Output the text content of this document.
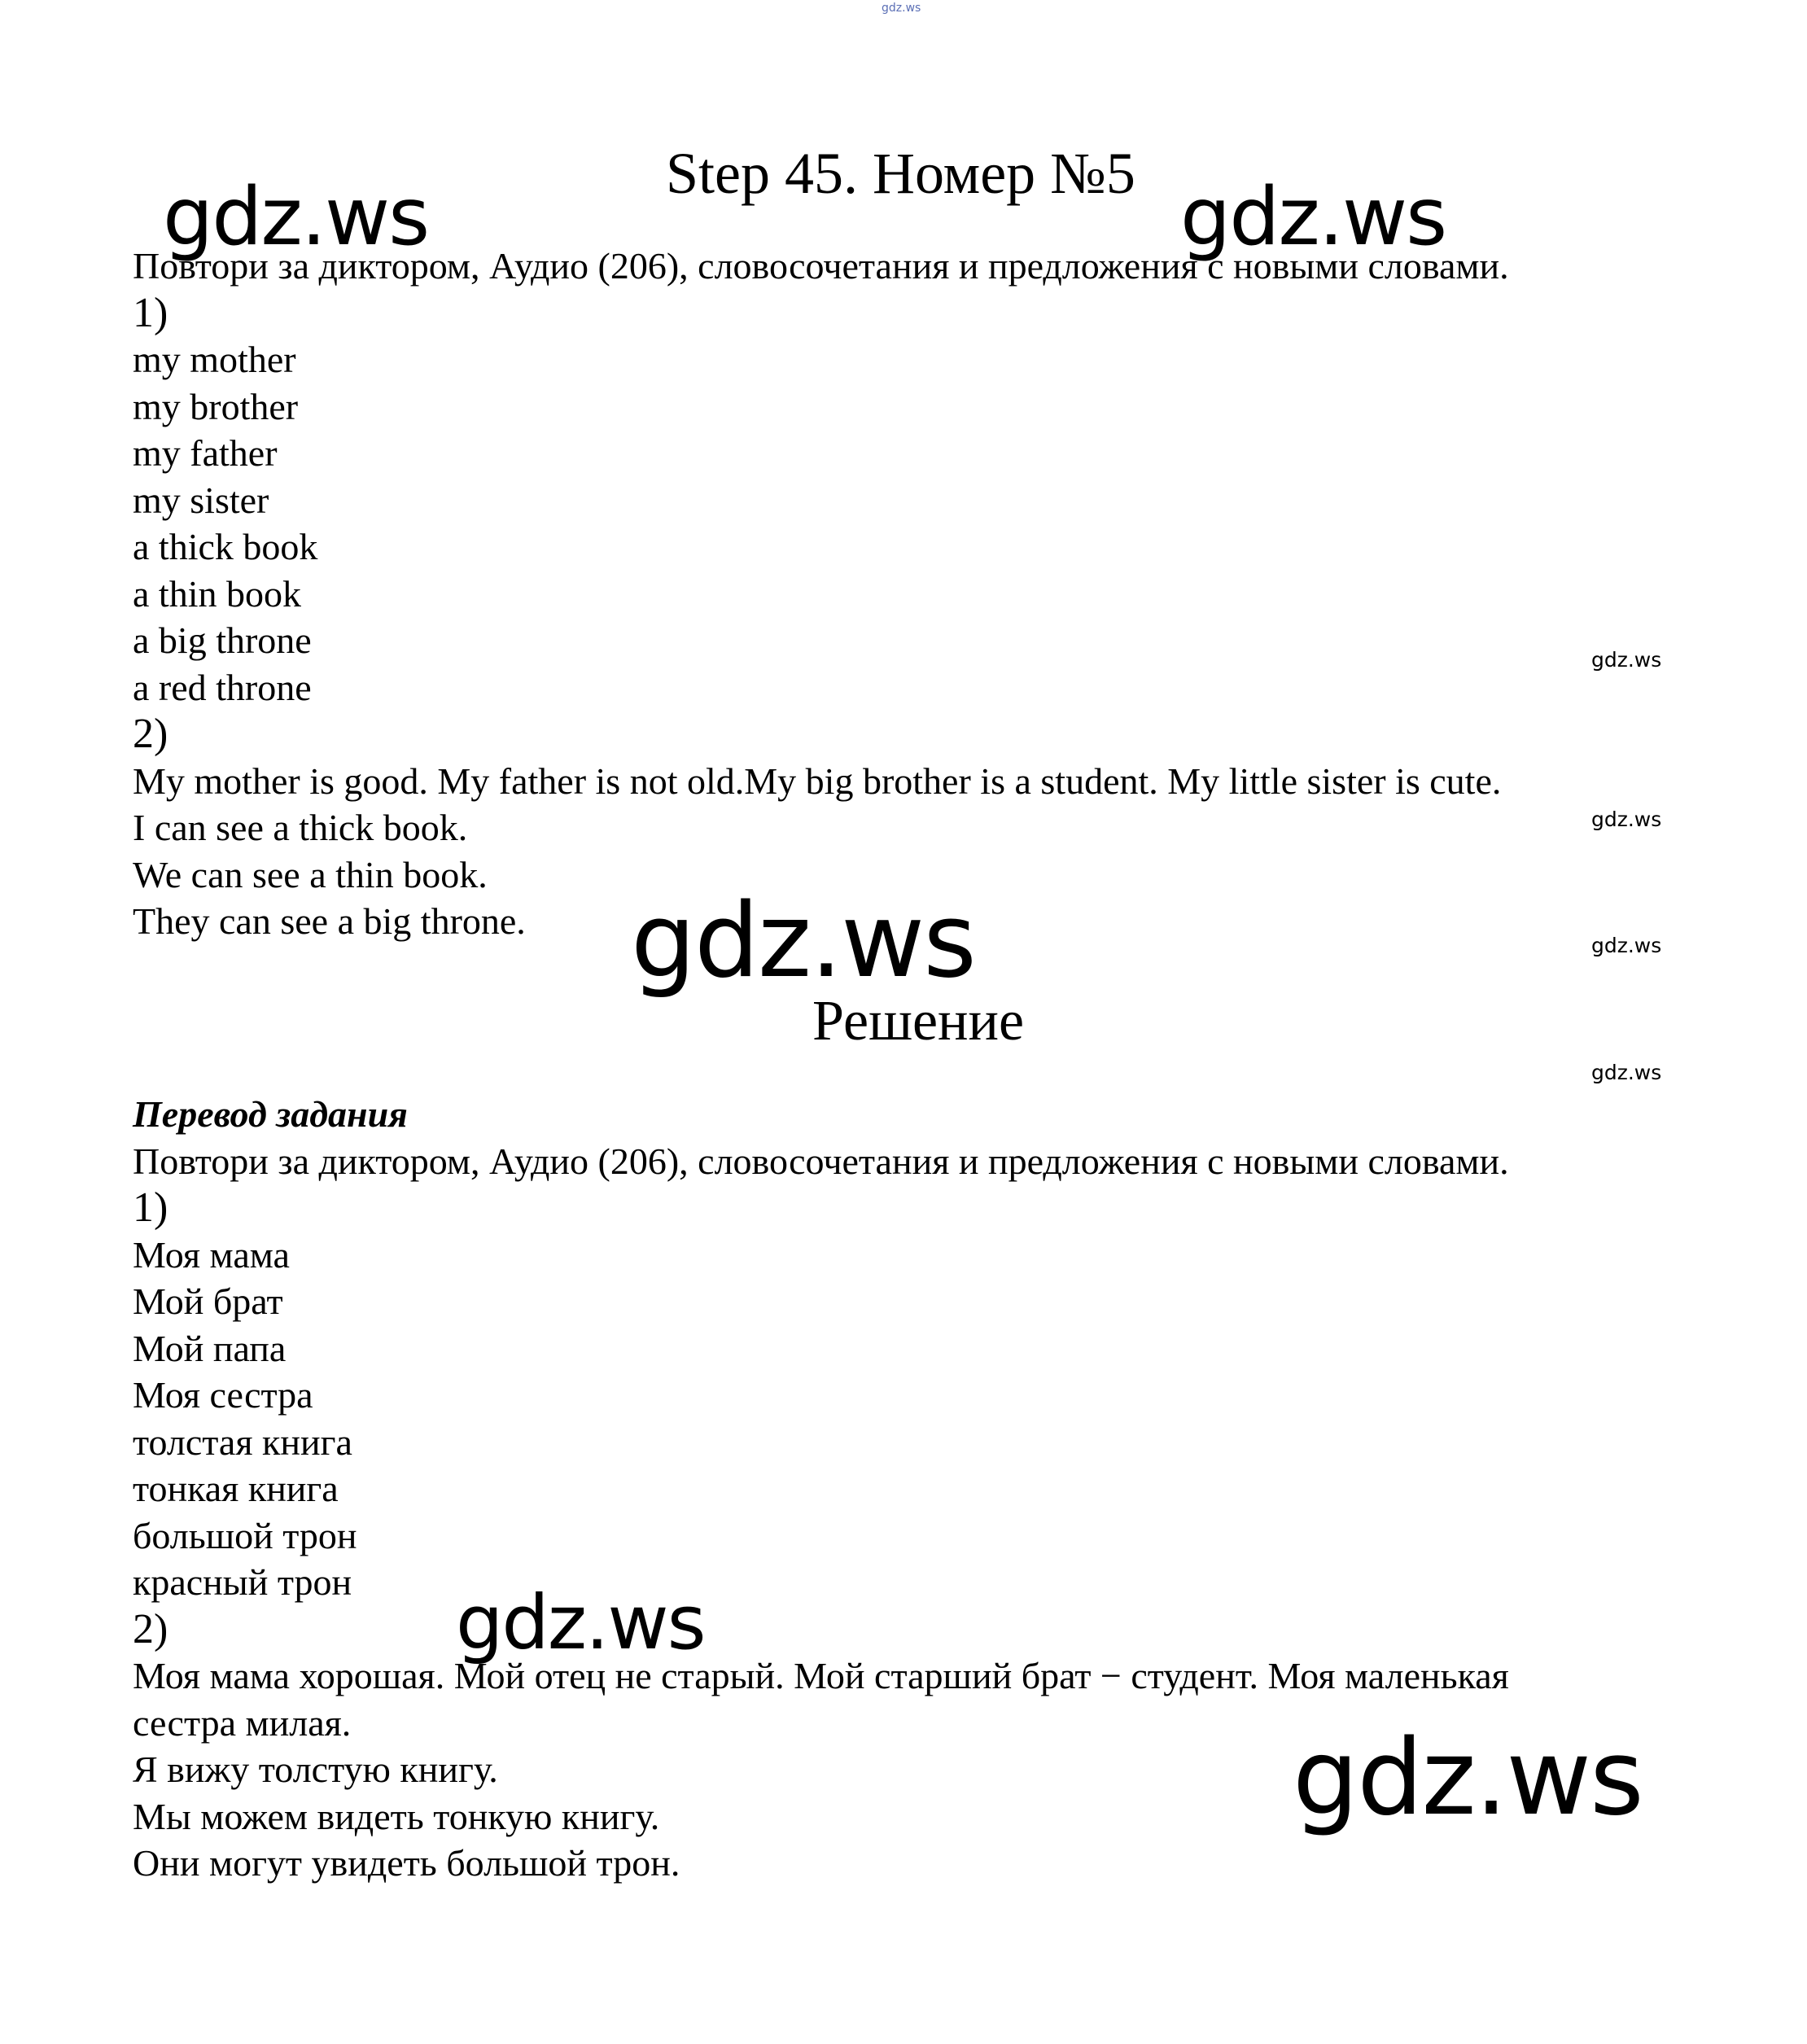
gdz.ws
Step 45. Номер №5
gdz.ws	gdz.ws
gdz.ws
gdz.ws
gdz.ws
gdz.ws
gdz.ws
gdz.ws
gdz.ws
Повтори за диктором, Аудио (206), словосочетания и предложения с новыми словами.
1)
my mother
my brother
my father
my sister
a thick book
a thin book
a big throne
a red throne
2)
My mother is good. My father is not old.My big brother is a student. My little sister is cute.
I can see a thick book.
We can see a thin book.
They can see a big throne.
Решение
Перевод задания
Повтори за диктором, Аудио (206), словосочетания и предложения с новыми словами.
1)
Моя мама
Мой брат
Мой папа
Моя сестра
толстая книга
тонкая книга
большой трон
красный трон
2)
Моя мама хорошая. Мой отец не старый. Мой старший брат − студент. Моя маленькая
сестра милая.
Я вижу толстую книгу.
Мы можем видеть тонкую книгу.
Они могут увидеть большой трон.
